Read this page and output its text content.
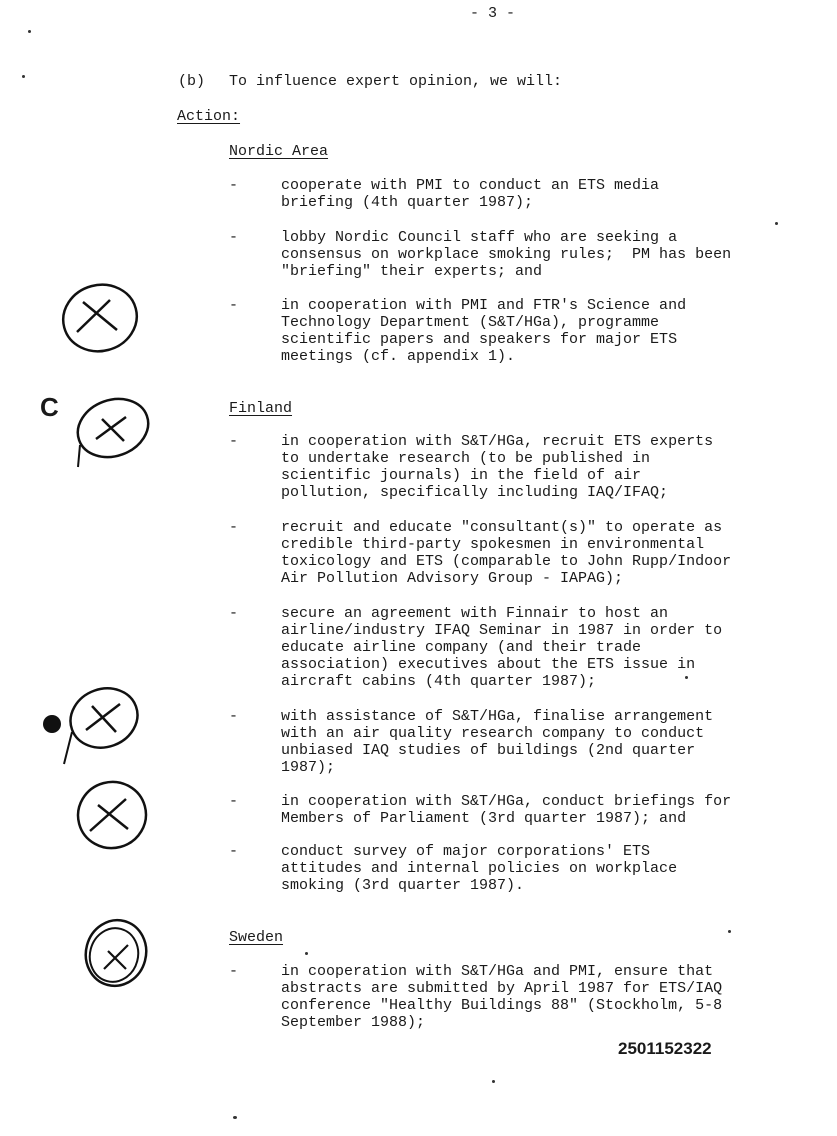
- 3 -
(b) To influence expert opinion, we will:
Action:
Nordic Area
-	cooperate with PMI to conduct an ETS media
briefing (4th quarter 1987);
-	lobby Nordic Council staff who are seeking a
consensus on workplace smoking rules;  PM has been
"briefing" their experts; and
-	in cooperation with PMI and FTR's Science and
Technology Department (S&T/HGa), programme
scientific papers and speakers for major ETS
meetings (cf. appendix 1).
Finland
-	in cooperation with S&T/HGa, recruit ETS experts
to undertake research (to be published in
scientific journals) in the field of air
pollution, specifically including IAQ/IFAQ;
-	recruit and educate "consultant(s)" to operate as
credible third-party spokesmen in environmental
toxicology and ETS (comparable to John Rupp/Indoor
Air Pollution Advisory Group - IAPAG);
-	secure an agreement with Finnair to host an
airline/industry IFAQ Seminar in 1987 in order to
educate airline company (and their trade
association) executives about the ETS issue in
aircraft cabins (4th quarter 1987);
-	with assistance of S&T/HGa, finalise arrangement
with an air quality research company to conduct
unbiased IAQ studies of buildings (2nd quarter
1987);
-	in cooperation with S&T/HGa, conduct briefings for
Members of Parliament (3rd quarter 1987); and
-	conduct survey of major corporations' ETS
attitudes and internal policies on workplace
smoking (3rd quarter 1987).
Sweden
-	in cooperation with S&T/HGa and PMI, ensure that
abstracts are submitted by April 1987 for ETS/IAQ
conference "Healthy Buildings 88" (Stockholm, 5-8
September 1988);
2501152322
C
